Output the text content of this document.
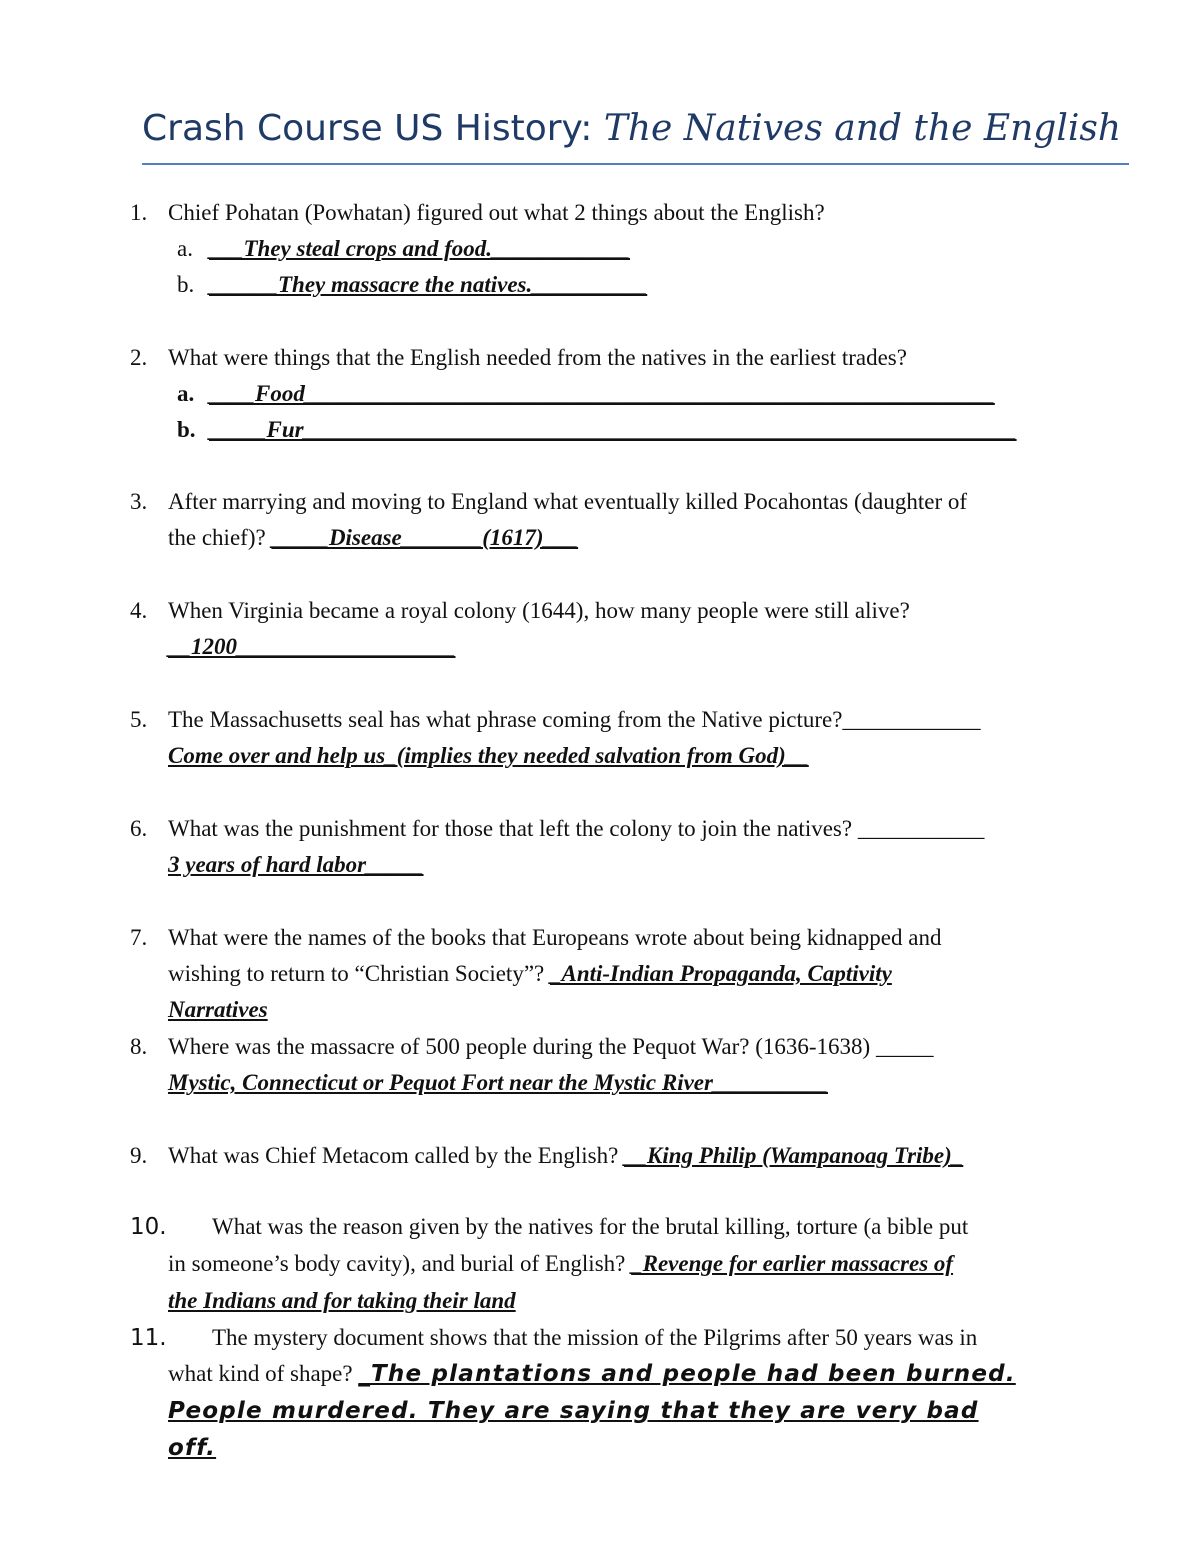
Crash Course US History: The Natives and the English
1. Chief Pohatan (Powhatan) figured out what 2 things about the English?
a. ___They steal crops and food.____________
b. ______They massacre the natives.__________
2. What were things that the English needed from the natives in the earliest trades?
a. ____Food____________________________________________________________
b. _____Fur______________________________________________________________
3. After marrying and moving to England what eventually killed Pocahontas (daughter of
the chief)? _____Disease_______(1617)___
4. When Virginia became a royal colony (1644), how many people were still alive?
__1200___________________
5. The Massachusetts seal has what phrase coming from the Native picture?____________
Come over and help us_(implies they needed salvation from God)__
6. What was the punishment for those that left the colony to join the natives? ___________
3 years of hard labor_____
7. What were the names of the books that Europeans wrote about being kidnapped and
wishing to return to “Christian Society”? _Anti-Indian Propaganda, Captivity
Narratives
8. Where was the massacre of 500 people during the Pequot War? (1636-1638) _____
Mystic, Connecticut or Pequot Fort near the Mystic River__________
9. What was Chief Metacom called by the English? __King Philip (Wampanoag Tribe)_
10. What was the reason given by the natives for the brutal killing, torture (a bible put
in someone’s body cavity), and burial of English? _Revenge for earlier massacres of
the Indians and for taking their land
11. The mystery document shows that the mission of the Pilgrims after 50 years was in
what kind of shape? _The plantations and people had been burned.
People murdered. They are saying that they are very bad
off.
